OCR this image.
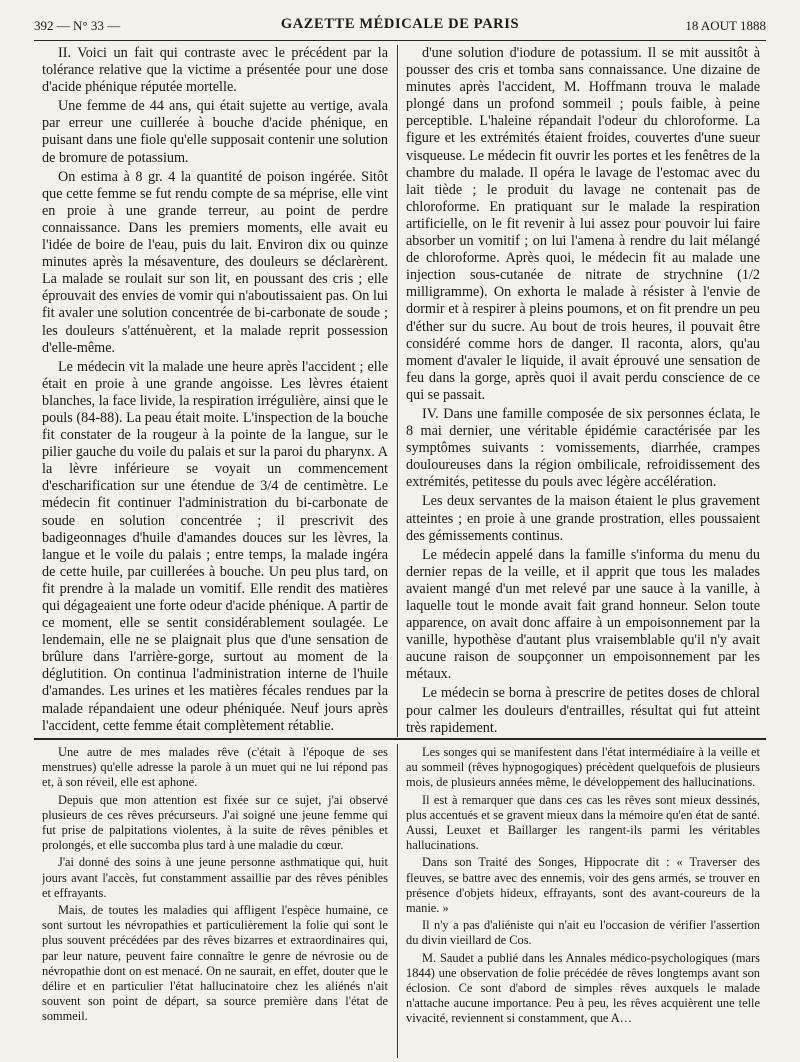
392 — N° 33 —	GAZETTE MÉDICALE DE PARIS	18 AOUT 1888

II. Voici un fait qui contraste avec le précédent par la tolérance relative que la victime a présentée pour une dose d'acide phénique réputée mortelle.

Une femme de 44 ans, qui était sujette au vertige, avala par erreur une cuillerée à bouche d'acide phénique, en puisant dans une fiole qu'elle supposait contenir une solution de bromure de potassium.

On estima à 8 gr. 4 la quantité de poison ingérée. Sitôt que cette femme se fut rendu compte de sa méprise, elle vint en proie à une grande terreur, au point de perdre connaissance. Dans les premiers moments, elle avait eu l'idée de boire de l'eau, puis du lait. Environ dix ou quinze minutes après la mésaventure, des douleurs se déclarèrent. La malade se roulait sur son lit, en poussant des cris ; elle éprouvait des envies de vomir qui n'aboutissaient pas. On lui fit avaler une solution concentrée de bi-carbonate de soude ; les douleurs s'atténuèrent, et la malade reprit possession d'elle-même.

Le médecin vit la malade une heure après l'accident ; elle était en proie à une grande angoisse. Les lèvres étaient blanches, la face livide, la respiration irrégulière, ainsi que le pouls (84-88). La peau était moite. L'inspection de la bouche fit constater de la rougeur à la pointe de la langue, sur le pilier gauche du voile du palais et sur la paroi du pharynx. A la lèvre inférieure se voyait un commencement d'escharification sur une étendue de 3/4 de centimètre. Le médecin fit continuer l'administration du bi-carbonate de soude en solution concentrée ; il prescrivit des badigeonnages d'huile d'amandes douces sur les lèvres, la langue et le voile du palais ; entre temps, la malade ingéra de cette huile, par cuillerées à bouche. Un peu plus tard, on fit prendre à la malade un vomitif. Elle rendit des matières qui dégageaient une forte odeur d'acide phénique. A partir de ce moment, elle se sentit considérablement soulagée. Le lendemain, elle ne se plaignait plus que d'une sensation de brûlure dans l'arrière-gorge, surtout au moment de la déglutition. On continua l'administration interne de l'huile d'amandes. Les urines et les matières fécales rendues par la malade répandaient une odeur phéniquée. Neuf jours après l'accident, cette femme était complètement rétablie.

d'une solution d'iodure de potassium. Il se mit aussitôt à pousser des cris et tomba sans connaissance. Une dizaine de minutes après l'accident, M. Hoffmann trouva le malade plongé dans un profond sommeil ; pouls faible, à peine perceptible. L'haleine répandait l'odeur du chloroforme. La figure et les extrémités étaient froides, couvertes d'une sueur visqueuse. Le médecin fit ouvrir les portes et les fenêtres de la chambre du malade. Il opéra le lavage de l'estomac avec du lait tiède ; le produit du lavage ne contenait pas de chloroforme. En pratiquant sur le malade la respiration artificielle, on le fit revenir à lui assez pour pouvoir lui faire absorber un vomitif ; on lui l'amena à rendre du lait mélangé de chloroforme. Après quoi, le médecin fit au malade une injection sous-cutanée de nitrate de strychnine (1/2 milligramme). On exhorta le malade à résister à l'envie de dormir et à respirer à pleins poumons, et on fit prendre un peu d'éther sur du sucre. Au bout de trois heures, il pouvait être considéré comme hors de danger. Il raconta, alors, qu'au moment d'avaler le liquide, il avait éprouvé une sensation de feu dans la gorge, après quoi il avait perdu conscience de ce qui se passait.

IV. Dans une famille composée de six personnes éclata, le 8 mai dernier, une véritable épidémie caractérisée par les symptômes suivants : vomissements, diarrhée, crampes douloureuses dans la région ombilicale, refroidissement des extrémités, petitesse du pouls avec légère accélération.

Les deux servantes de la maison étaient le plus gravement atteintes ; en proie à une grande prostration, elles poussaient des gémissements continus.

Le médecin appelé dans la famille s'informa du menu du dernier repas de la veille, et il apprit que tous les malades avaient mangé d'un met relevé par une sauce à la vanille, à laquelle tout le monde avait fait grand honneur. Selon toute apparence, on avait donc affaire à un empoisonnement par la vanille, hypothèse d'autant plus vraisemblable qu'il n'y avait aucune raison de soupçonner un empoisonnement par les métaux.

Le médecin se borna à prescrire de petites doses de chloral pour calmer les douleurs d'entrailles, résultat qui fut atteint très rapidement.

Une autre de mes malades rêve (c'était à l'époque de ses menstrues) qu'elle adresse la parole à un muet qui ne lui répond pas et, à son réveil, elle est aphone.

Depuis que mon attention est fixée sur ce sujet, j'ai observé plusieurs de ces rêves précurseurs. J'ai soigné une jeune femme qui fut prise de palpitations violentes, à la suite de rêves pénibles et prolongés, et elle succomba plus tard à une maladie du cœur.

J'ai donné des soins à une jeune personne asthmatique qui, huit jours avant l'accès, fut constamment assaillie par des rêves pénibles et effrayants.

Mais, de toutes les maladies qui affligent l'espèce humaine, ce sont surtout les névropathies et particulièrement la folie qui sont le plus souvent précédées par des rêves bizarres et extraordinaires qui, par leur nature, peuvent faire connaître le genre de névrosie ou de névropathie dont on est menacé. On ne saurait, en effet, douter que le délire et en particulier l'état hallucinatoire chez les aliénés n'ait souvent son point de départ, sa source première dans l'état de sommeil.

Les songes qui se manifestent dans l'état intermédiaire à la veille et au sommeil (rêves hypnogogiques) précèdent quelquefois de plusieurs mois, de plusieurs années même, le développement des hallucinations.

Il est à remarquer que dans ces cas les rêves sont mieux dessinés, plus accentués et se gravent mieux dans la mémoire qu'en état de santé. Aussi, Leuxet et Baillarger les rangent-ils parmi les véritables hallucinations.

Dans son Traité des Songes, Hippocrate dit : « Traverser des fleuves, se battre avec des ennemis, voir des gens armés, se trouver en présence d'objets hideux, effrayants, sont des avant-coureurs de la manie. »

Il n'y a pas d'aliéniste qui n'ait eu l'occasion de vérifier l'assertion du divin vieillard de Cos.

M. Saudet a publié dans les Annales médico-psychologiques (mars 1844) une observation de folie précédée de rêves longtemps avant son éclosion. Ce sont d'abord de simples rêves auxquels le malade n'attache aucune importance. Peu à peu, les rêves acquièrent une telle vivacité, reviennent si constamment, que A…
